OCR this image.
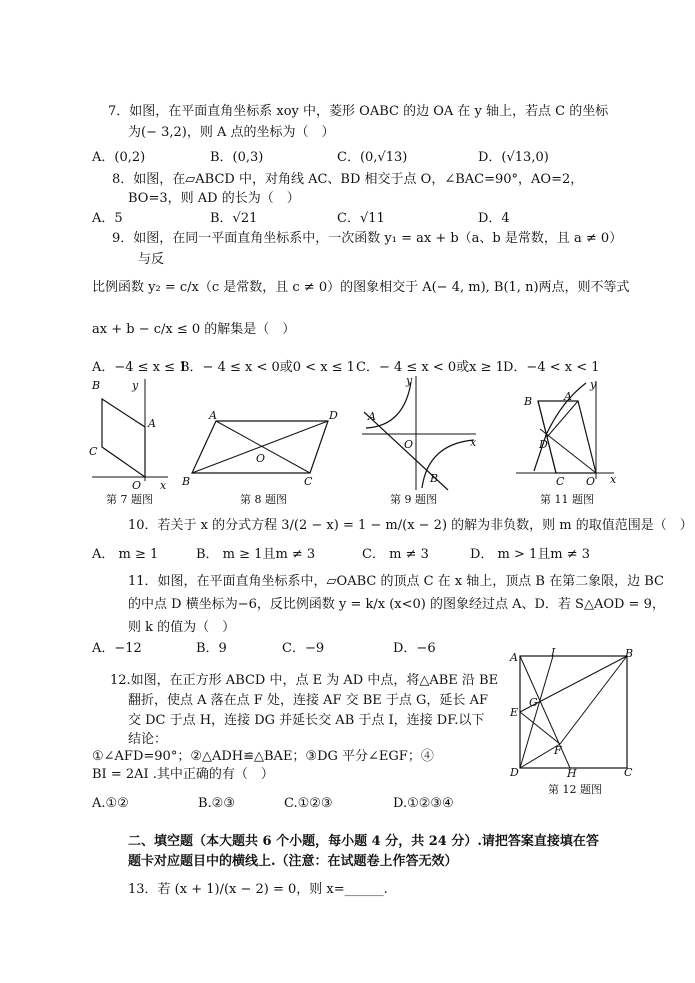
7．如图，在平面直角坐标系 xoy 中，菱形 OABC 的边 OA 在 y 轴上，若点 C 的坐标
为(− 3,2)，则 A 点的坐标为（　）
A．(0,2)	B．(0,3)	C．(0,√13)	D．(√13,0)
8．如图，在▱ABCD 中，对角线 AC、BD 相交于点 O，∠BAC=90°，AO=2，
BO=3，则 AD 的长为（　）
A．5	B．√21	C．√11	D．4
9．如图，在同一平面直角坐标系中，一次函数 y₁ = ax + b（a、b 是常数，且 a ≠ 0）
与反
比例函数 y₂ = c/x（c 是常数，且 c ≠ 0）的图象相交于 A(− 4, m), B(1, n)两点，则不等式
ax + b − c/x ≤ 0 的解集是（　）
A．−4 ≤ x ≤ 1
B．− 4 ≤ x < 0或0 < x ≤ 1 C．− 4 ≤ x < 0或x ≥ 1 D．−4 < x < 1
B	y
A
C
O x
第 7 题图
A	D
O
B	C
第 8 题图
y
A
O	x
B
第 9 题图
B	A
y
D
C O x
第 11 题图
10．若关于 x 的分式方程 3/(2 − x) = 1 − m/(x − 2) 的解为非负数，则 m 的取值范围是（　）
A． m ≥ 1	B． m ≥ 1且m ≠ 3	C． m ≠ 3	D． m > 1且m ≠ 3
11．如图，在平面直角坐标系中，▱OABC 的顶点 C 在 x 轴上，顶点 B 在第二象限，边 BC
的中点 D 横坐标为−6，反比例函数 y = k/x (x<0) 的图象经过点 A、D．若 S△AOD = 9，
则 k 的值为（　）
A．−12	B．9	C．−9	D．−6
12.如图，在正方形 ABCD 中，点 E 为 AD 中点，将△ABE 沿 BE
翻折，使点 A 落在点 F 处，连接 AF 交 BE 于点 G，延长 AF
交 DC 于点 H，连接 DG 并延长交 AB 于点 I，连接 DF.以下
结论：
①∠AFD=90°；②△ADH≌△BAE；③DG 平分∠EGF；④
BI = 2AI .其中正确的有（　）
A.①②	B.②③	C.①②③	D.①②③④
A	I	B
G
E
F
D	H	C
第 12 题图
二、填空题（本大题共 6 个小题，每小题 4 分，共 24 分）.请把答案直接填在答
题卡对应题目中的横线上.（注意：在试题卷上作答无效）
13．若 (x + 1)/(x − 2) = 0，则 x=______.
